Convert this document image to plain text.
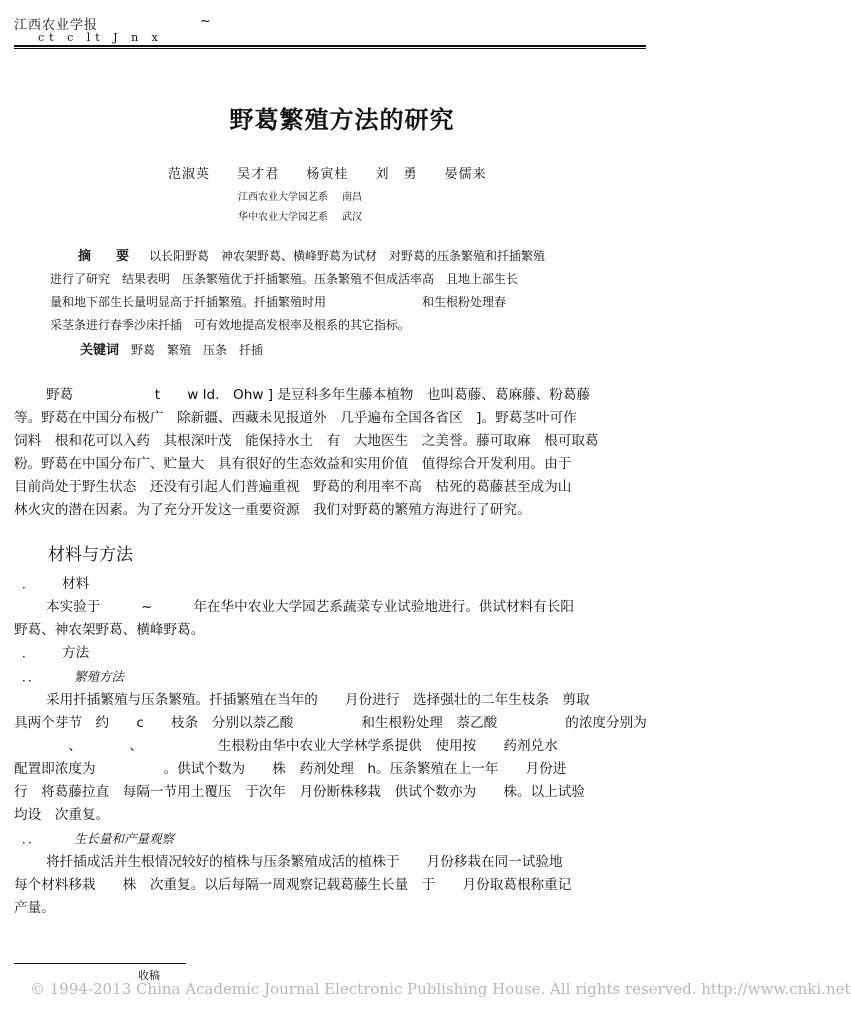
江西农业学报	~
ct c lt J n x
野葛繁殖方法的研究
范淑英 吴才君 杨寅桂 刘　勇 晏儒来
江西农业大学园艺系 南昌
华中农业大学园艺系 武汉
摘　要 以长阳野葛　神农架野葛、横峰野葛为试材　对野葛的压条繁殖和扦插繁殖
进行了研究　结果表明　压条繁殖优于扦插繁殖。压条繁殖不但成活率高　且地上部生长
量和地下部生长量明显高于扦插繁殖。扦插繁殖时用　　　　　　　　和生根粉处理春
采茎条进行春季沙床扦插　可有效地提高发根率及根系的其它指标。
关键词 野葛　繁殖　压条　扦插
野葛　　　　　　t　　w ld.　Ohw ] 是豆科多年生藤本植物　也叫葛藤、葛麻藤、粉葛藤
等。野葛在中国分布极广　除新疆、西藏未见报道外　几乎遍布全国各省区　]。野葛茎叶可作
饲料　根和花可以入药　其根深叶茂　能保持水土　有　大地医生　之美誉。藤可取麻　根可取葛
粉。野葛在中国分布广、贮量大　具有很好的生态效益和实用价值　值得综合开发利用。由于
目前尚处于野生状态　还没有引起人们普遍重视　野葛的利用率不高　枯死的葛藤甚至成为山
林火灾的潜在因素。为了充分开发这一重要资源　我们对野葛的繁殖方海进行了研究。
材料与方法
． 材料
本实验于　　　~　　　年在华中农业大学园艺系蔬菜专业试验地进行。供试材料有长阳
野葛、神农架野葛、横峰野葛。
． 方法
．．	繁殖方法
采用扦插繁殖与压条繁殖。扦插繁殖在当年的　　月份进行　选择强壮的二年生枝条　剪取
具两个芽节　约　　c　　枝条　分别以萘乙酸　　　　　和生根粉处理　萘乙酸　　　　　的浓度分别为
　　　　、　　　　、　　　　　　生根粉由华中农业大学林学系提供　使用按　　药剂兑水
配置即浓度为　　　　　。供试个数为　　株　药剂处理　h。压条繁殖在上一年　　月份进
行　将葛藤拉直　每隔一节用土覆压　于次年　月份断株移栽　供试个数亦为　　株。以上试验
均设　次重复。
．．	生长量和产量观察
将扦插成活并生根情况较好的植株与压条繁殖成活的植株于　　月份移栽在同一试验地
每个材料移栽　　株　次重复。以后每隔一周观察记载葛藤生长量　于　　月份取葛根称重记
产量。
收稿
© 1994-2013 China Academic Journal Electronic Publishing House. All rights reserved. http://www.cnki.net
